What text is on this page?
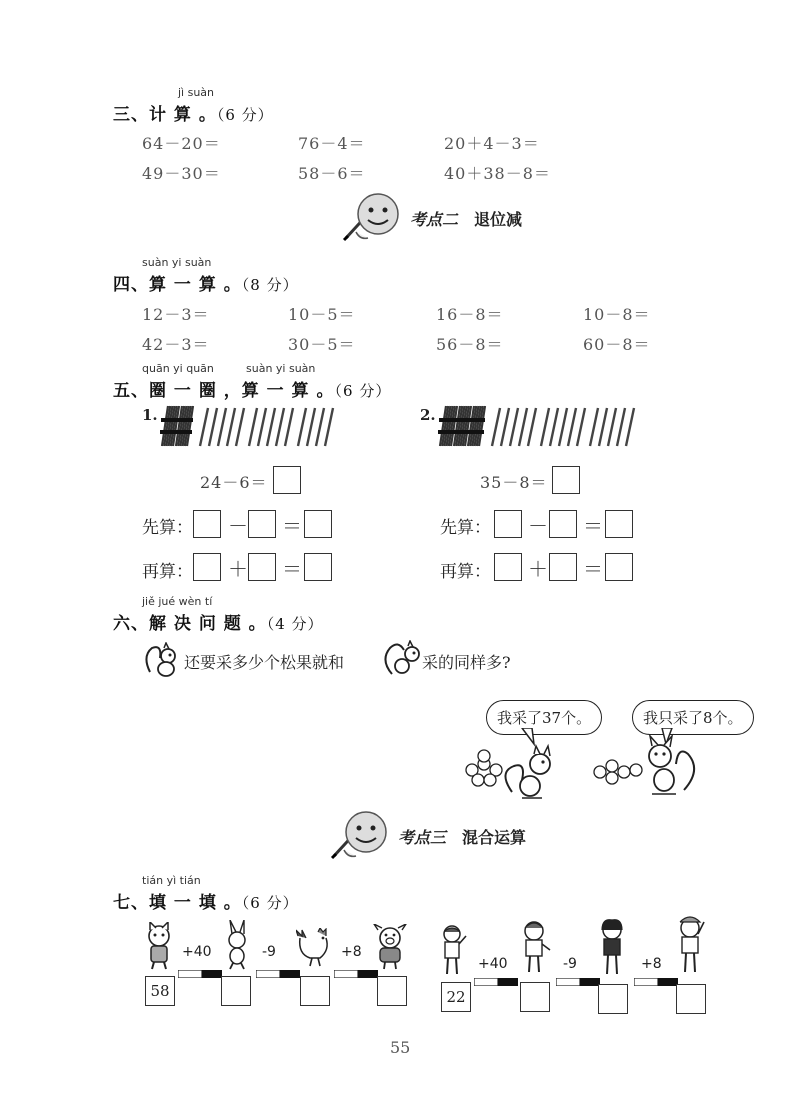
jì suàn
三、计 算 。（6 分）
64－20＝	76－4＝	20＋4－3＝
49－30＝	58－6＝	40＋38－8＝
考点二 退位减
suàn yi suàn
四、算 一 算 。（8 分）
12－3＝	10－5＝	16－8＝	10－8＝
42－3＝	30－5＝	56－8＝	60－8＝
quān yi quān	suàn yi suàn
五、圈 一 圈 ，算 一 算 。（6 分）
1.
24－6＝
先算： － ＝
再算： ＋ ＝
2.
35－8＝
先算： － ＝
再算： ＋ ＝
jiě jué wèn tí
六、解 决 问 题 。（4 分）
还要采多少个松果就和	采的同样多?
我采了37个。	我只采了8个。
考点三 混合运算
tián yì tián
七、填 一 填 。（6 分）
58
+40	-9	+8
22
+40	-9	+8
55
